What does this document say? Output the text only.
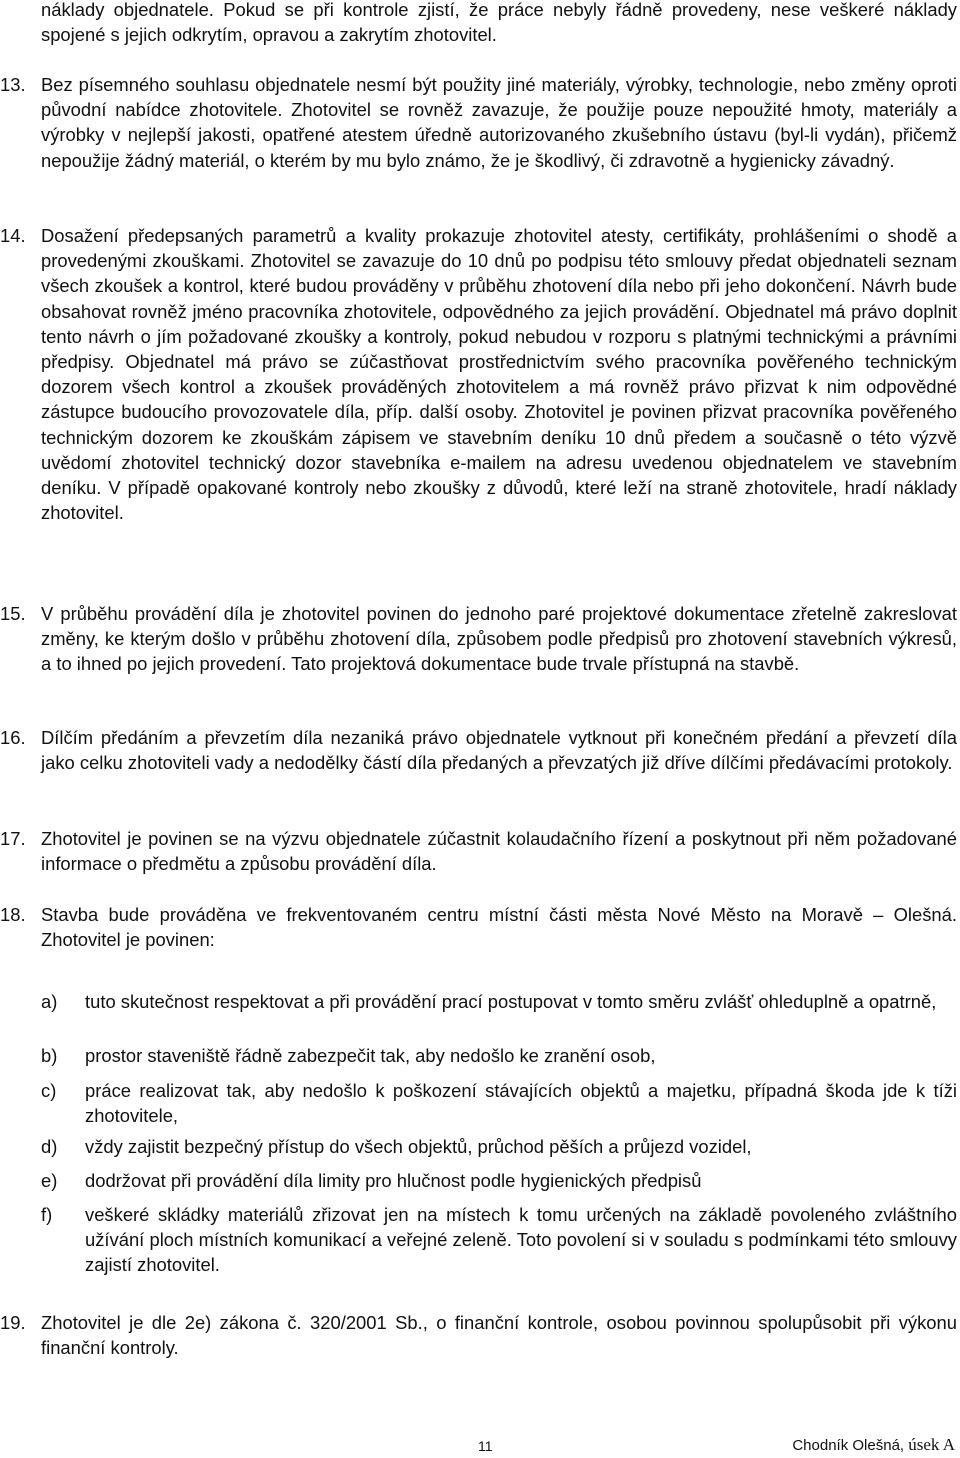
náklady objednatele. Pokud se při kontrole zjistí, že práce nebyly řádně provedeny, nese veškeré náklady spojené s jejich odkrytím, opravou a zakrytím zhotovitel.

13. Bez písemného souhlasu objednatele nesmí být použity jiné materiály, výrobky, technologie, nebo změny oproti původní nabídce zhotovitele. Zhotovitel se rovněž zavazuje, že použije pouze nepoužité hmoty, materiály a výrobky v nejlepší jakosti, opatřené atestem úředně autorizovaného zkušebního ústavu (byl-li vydán), přičemž nepoužije žádný materiál, o kterém by mu bylo známo, že je škodlivý, či zdravotně a hygienicky závadný.

14. Dosažení předepsaných parametrů a kvality prokazuje zhotovitel atesty, certifikáty, prohlášeními o shodě a provedenými zkouškami. Zhotovitel se zavazuje do 10 dnů po podpisu této smlouvy předat objednateli seznam všech zkoušek a kontrol, které budou prováděny v průběhu zhotovení díla nebo při jeho dokončení. Návrh bude obsahovat rovněž jméno pracovníka zhotovitele, odpovědného za jejich provádění. Objednatel má právo doplnit tento návrh o jím požadované zkoušky a kontroly, pokud nebudou v rozporu s platnými technickými a právními předpisy. Objednatel má právo se zúčastňovat prostřednictvím svého pracovníka pověřeného technickým dozorem všech kontrol a zkoušek prováděných zhotovitelem a má rovněž právo přizvat k nim odpovědné zástupce budoucího provozovatele díla, příp. další osoby. Zhotovitel je povinen přizvat pracovníka pověřeného technickým dozorem ke zkouškám zápisem ve stavebním deníku 10 dnů předem a současně o této výzvě uvědomí zhotovitel technický dozor stavebníka e-mailem na adresu uvedenou objednatelem ve stavebním deníku. V případě opakované kontroly nebo zkoušky z důvodů, které leží na straně zhotovitele, hradí náklady zhotovitel.

15. V průběhu provádění díla je zhotovitel povinen do jednoho paré projektové dokumentace zřetelně zakreslovat změny, ke kterým došlo v průběhu zhotovení díla, způsobem podle předpisů pro zhotovení stavebních výkresů, a to ihned po jejich provedení. Tato projektová dokumentace bude trvale přístupná na stavbě.

16. Dílčím předáním a převzetím díla nezaniká právo objednatele vytknout při konečném předání a převzetí díla jako celku zhotoviteli vady a nedodělky částí díla předaných a převzatých již dříve dílčími předávacími protokoly.

17. Zhotovitel je povinen se na výzvu objednatele zúčastnit kolaudačního řízení a poskytnout při něm požadované informace o předmětu a způsobu provádění díla.

18. Stavba bude prováděna ve frekventovaném centru místní části města Nové Město na Moravě – Olešná. Zhotovitel je povinen:

a) tuto skutečnost respektovat a při provádění prací postupovat v tomto směru zvlášť ohleduplně a opatrně,

b) prostor staveniště řádně zabezpečit tak, aby nedošlo ke zranění osob,

c) práce realizovat tak, aby nedošlo k poškození stávajících objektů a majetku, případná škoda jde k tíži zhotovitele,

d) vždy zajistit bezpečný přístup do všech objektů, průchod pěších a průjezd vozidel,

e) dodržovat při provádění díla limity pro hlučnost podle hygienických předpisů

f) veškeré skládky materiálů zřizovat jen na místech k tomu určených na základě povoleného zvláštního užívání ploch místních komunikací a veřejné zeleně. Toto povolení si v souladu s podmínkami této smlouvy zajistí zhotovitel.

19. Zhotovitel je dle 2e) zákona č. 320/2001 Sb., o finanční kontrole, osobou povinnou spolupůsobit při výkonu finanční kontroly.

11	Chodník Olešná, úsek A
